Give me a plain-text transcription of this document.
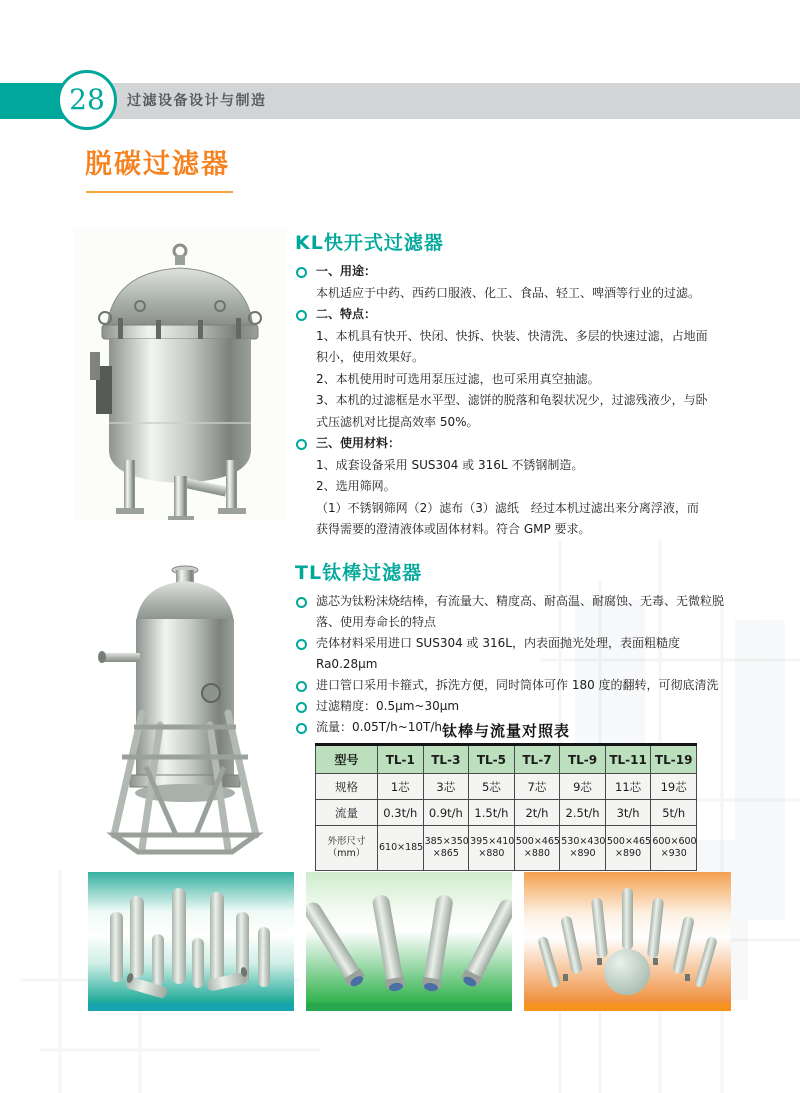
过滤设备设计与制造
28
脱碳过滤器
KL快开式过滤器
一、用途：
本机适应于中药、西药口服液、化工、食品、轻工、啤酒等行业的过滤。
二、特点：
1、本机具有快开、快闭、快拆、快装、快清洗、多层的快速过滤，占地面积小，使用效果好。
2、本机使用时可选用泵压过滤，也可采用真空抽滤。
3、本机的过滤框是水平型、滤饼的脱落和龟裂状况少，过滤残液少，与卧式压滤机对比提高效率 50%。
三、使用材料：
1、成套设备采用 SUS304 或 316L 不锈钢制造。
2、选用筛网。
（1）不锈钢筛网（2）滤布（3）滤纸　经过本机过滤出来分离浮液，而获得需要的澄清液体或固体材料。符合 GMP 要求。
TL钛棒过滤器
滤芯为钛粉沫烧结棒，有流量大、精度高、耐高温、耐腐蚀、无毒、无微粒脱落、使用寿命长的特点
壳体材料采用进口 SUS304 或 316L，内表面抛光处理，表面粗糙度 Ra0.28μm
进口管口采用卡箍式，拆洗方便，同时筒体可作 180 度的翻转，可彻底清洗
过滤精度：0.5μm~30μm
流量：0.05T/h~10T/h 钛棒与流量对照表
型号	TL-1	TL-3	TL-5	TL-7	TL-9	TL-11	TL-19
规格	1芯	3芯	5芯	7芯	9芯	11芯	19芯
流量	0.3t/h	0.9t/h	1.5t/h	2t/h	2.5t/h	3t/h	5t/h
外形尺寸（mm）	610×185	385×350 ×865	395×410 ×880	500×465 ×880	530×430 ×890	500×465 ×890	600×600 ×930
